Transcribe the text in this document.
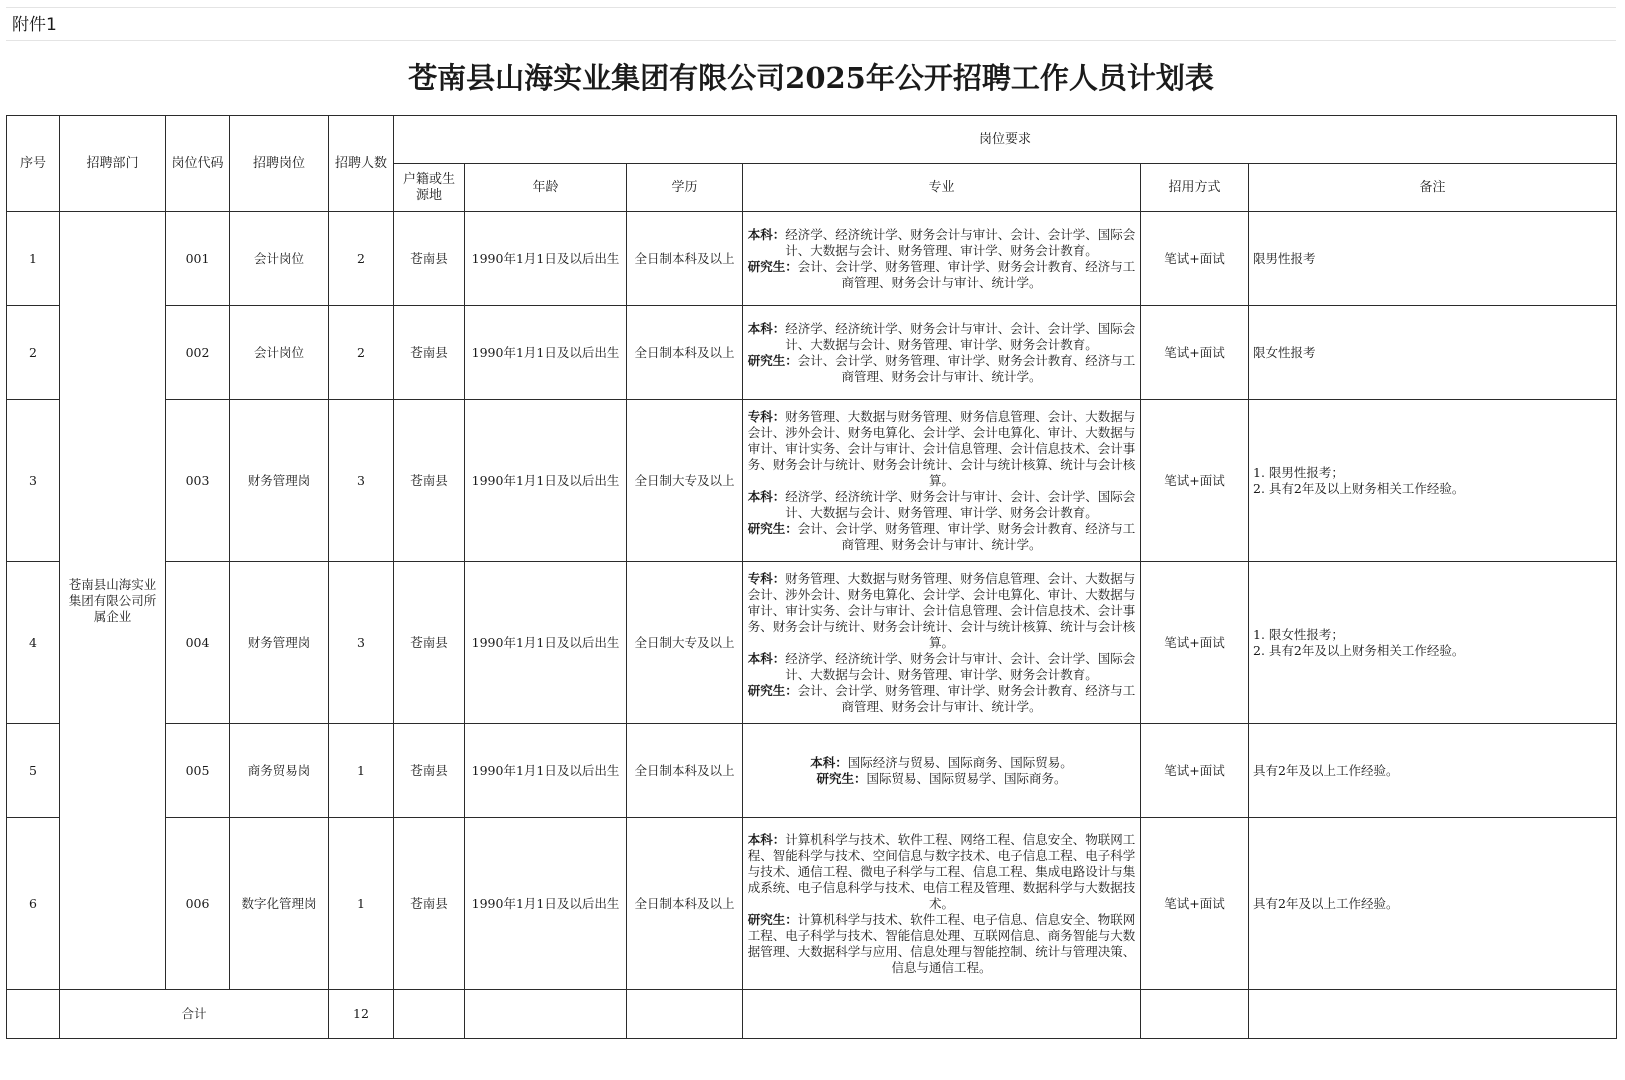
附件1
苍南县山海实业集团有限公司2025年公开招聘工作人员计划表
序号	招聘部门	岗位代码	招聘岗位	招聘人数	岗位要求					
					户籍或生源地	年龄	学历	专业	招用方式	备注
1	苍南县山海实业集团有限公司所属企业	001	会计岗位	2	苍南县	1990年1月1日及以后出生	全日制本科及以上	本科：经济学、经济统计学、财务会计与审计、会计、会计学、国际会计、大数据与会计、财务管理、审计学、财务会计教育。
研究生：会计、会计学、财务管理、审计学、财务会计教育、经济与工商管理、财务会计与审计、统计学。	笔试+面试	限男性报考

2		002	会计岗位	2	苍南县	1990年1月1日及以后出生	全日制本科及以上	本科：经济学、经济统计学、财务会计与审计、会计、会计学、国际会计、大数据与会计、财务管理、审计学、财务会计教育。
研究生：会计、会计学、财务管理、审计学、财务会计教育、经济与工商管理、财务会计与审计、统计学。	笔试+面试	限女性报考

3		003	财务管理岗	3	苍南县	1990年1月1日及以后出生	全日制大专及以上	专科：财务管理、大数据与财务管理、财务信息管理、会计、大数据与会计、涉外会计、财务电算化、会计学、会计电算化、审计、大数据与审计、审计实务、会计与审计、会计信息管理、会计信息技术、会计事务、财务会计与统计、财务会计统计、会计与统计核算、统计与会计核算。
本科：经济学、经济统计学、财务会计与审计、会计、会计学、国际会计、大数据与会计、财务管理、审计学、财务会计教育。
研究生：会计、会计学、财务管理、审计学、财务会计教育、经济与工商管理、财务会计与审计、统计学。	笔试+面试	1. 限男性报考；
2. 具有2年及以上财务相关工作经验。

4		004	财务管理岗	3	苍南县	1990年1月1日及以后出生	全日制大专及以上	专科：财务管理、大数据与财务管理、财务信息管理、会计、大数据与会计、涉外会计、财务电算化、会计学、会计电算化、审计、大数据与审计、审计实务、会计与审计、会计信息管理、会计信息技术、会计事务、财务会计与统计、财务会计统计、会计与统计核算、统计与会计核算。
本科：经济学、经济统计学、财务会计与审计、会计、会计学、国际会计、大数据与会计、财务管理、审计学、财务会计教育。
研究生：会计、会计学、财务管理、审计学、财务会计教育、经济与工商管理、财务会计与审计、统计学。	笔试+面试	1. 限女性报考；
2. 具有2年及以上财务相关工作经验。

5		005	商务贸易岗	1	苍南县	1990年1月1日及以后出生	全日制本科及以上	本科：国际经济与贸易、国际商务、国际贸易。
研究生：国际贸易、国际贸易学、国际商务。	笔试+面试	具有2年及以上工作经验。

6		006	数字化管理岗	1	苍南县	1990年1月1日及以后出生	全日制本科及以上	本科：计算机科学与技术、软件工程、网络工程、信息安全、物联网工程、智能科学与技术、空间信息与数字技术、电子信息工程、电子科学与技术、通信工程、微电子科学与工程、信息工程、集成电路设计与集成系统、电子信息科学与技术、电信工程及管理、数据科学与大数据技术。
研究生：计算机科学与技术、软件工程、电子信息、信息安全、物联网工程、电子科学与技术、智能信息处理、互联网信息、商务智能与大数据管理、大数据科学与应用、信息处理与智能控制、统计与管理决策、信息与通信工程。	笔试+面试	具有2年及以上工作经验。

	合计			12						
